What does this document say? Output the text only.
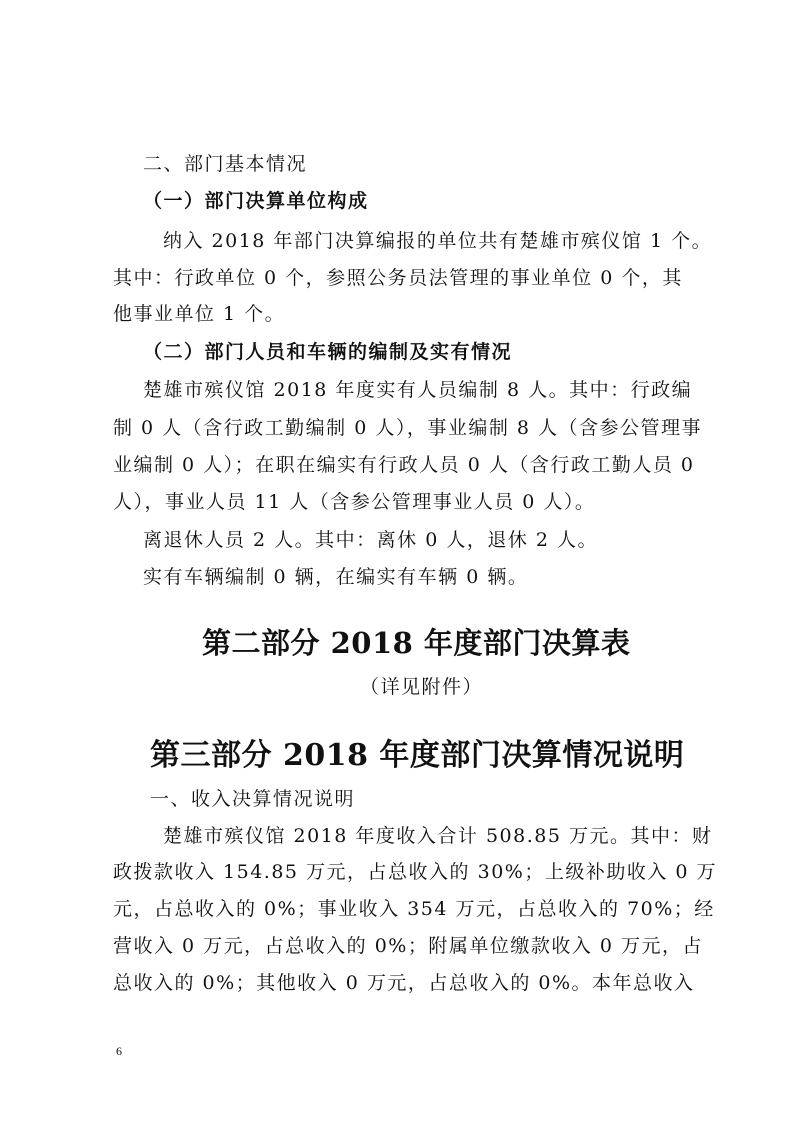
二、部门基本情况
（一）部门决算单位构成
纳入 2018 年部门决算编报的单位共有楚雄市殡仪馆 1 个。
其中：行政单位 0 个，参照公务员法管理的事业单位 0 个，其
他事业单位 1 个。
（二）部门人员和车辆的编制及实有情况
楚雄市殡仪馆 2018 年度实有人员编制 8 人。其中：行政编
制 0 人（含行政工勤编制 0 人），事业编制 8 人（含参公管理事
业编制 0 人）；在职在编实有行政人员 0 人（含行政工勤人员 0
人），事业人员 11 人（含参公管理事业人员 0 人）。
离退休人员 2 人。其中：离休 0 人，退休 2 人。
实有车辆编制 0 辆，在编实有车辆 0 辆。
第二部分 2018 年度部门决算表
（详见附件）
第三部分 2018 年度部门决算情况说明
一、收入决算情况说明
楚雄市殡仪馆 2018 年度收入合计 508.85 万元。其中：财
政拨款收入 154.85 万元，占总收入的 30%；上级补助收入 0 万
元，占总收入的 0%；事业收入 354 万元，占总收入的 70%；经
营收入 0 万元，占总收入的 0%；附属单位缴款收入 0 万元，占
总收入的 0%；其他收入 0 万元，占总收入的 0%。本年总收入
6
